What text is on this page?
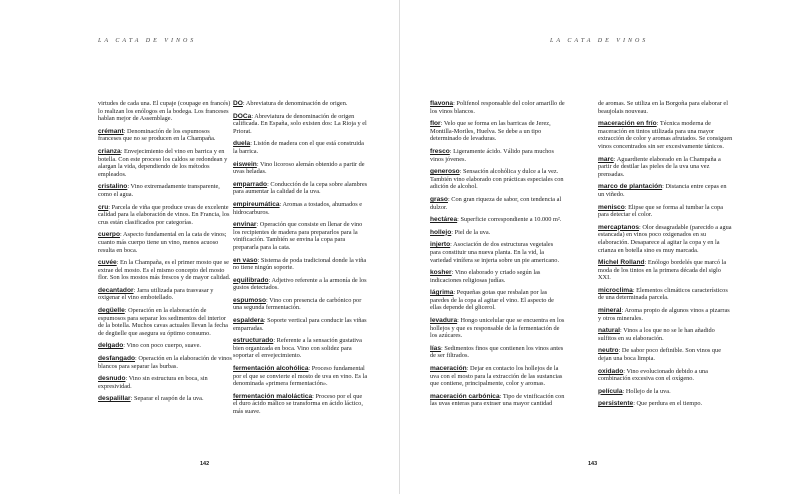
LA CATA DE VINOS

virtudes de cada una. El cupaje (coupage en francés) lo realizan los enólogos en la bodega. Los franceses hablan mejor de Assemblage.

crémant: Denominación de los espumosos franceses que no se producen en la Champaña.

crianza: Envejecimiento del vino en barrica y en botella. Con este proceso los caldos se redondean y alargan la vida, dependiendo de los métodos empleados.

cristalino: Vino extremadamente transparente, como el agua.

cru: Parcela de viña que produce uvas de excelente calidad para la elaboración de vinos. En Francia, los crus están clasificados por categorías.

cuerpo: Aspecto fundamental en la cata de vinos; cuanto más cuerpo tiene un vino, menos acuoso resulta en boca.

cuvée: En la Champaña, es el primer mosto que se extrae del mosto. Es el mismo concepto del mosto flor. Son los mostos más frescos y de mayor calidad.

decantador: Jarra utilizada para trasvasar y oxigenar el vino embotellado.

degüelle: Operación en la elaboración de espumosos para separar los sedimentos del interior de la botella. Muchos cavas actuales llevan la fecha de degüelle que asegura su óptimo consumo.

delgado: Vino con poco cuerpo, suave.

desfangado: Operación en la elaboración de vinos blancos para separar las burbas.

desnudo: Vino sin estructura en boca, sin expresividad.

despalillar: Separar el raspón de la uva.

DO: Abreviatura de denominación de origen.

DOCa: Abreviatura de denominación de origen calificada. En España, solo existen dos: La Rioja y el Priorat.

duela: Listón de madera con el que está construida la barrica.

eiswein: Vino licoroso alemán obtenido a partir de uvas heladas.

emparrado: Conducción de la cepa sobre alambres para aumentar la calidad de la uva.

empireumática: Aromas a tostados, ahumados e hidrocarburos.

envinar: Operación que consiste en llenar de vino los recipientes de madera para prepararlos para la vinificación. También se envina la copa para prepararla para la cata.

en vaso: Sistema de poda tradicional donde la viña no tiene ningún soporte.

equilibrado: Adjetivo referente a la armonía de los gustos detectados.

espumoso: Vino con presencia de carbónico por una segunda fermentación.

espaldera: Soporte vertical para conducir las viñas emparradas.

estructurado: Referente a la sensación gustativa bien organizada en boca. Vino con solidez para soportar el envejecimiento.

fermentación alcohólica: Proceso fundamental por el que se convierte el mosto de uva en vino. Es la denominada «primera fermentación».

fermentación maloláctica: Proceso por el que el duro ácido málico se transforma en ácido láctico, más suave.

142
LA CATA DE VINOS

flavona: Polifenol responsable del color amarillo de los vinos blancos.

flor: Velo que se forma en las barricas de Jerez, Montilla-Moriles, Huelva. Se debe a un tipo determinado de levaduras.

fresco: Ligeramente ácido. Válido para muchos vinos jóvenes.

generoso: Sensación alcohólica y dulce a la vez. También vino elaborado con prácticas especiales con adición de alcohol.

graso: Con gran riqueza de sabor, con tendencia al dulzor.

hectárea: Superficie correspondiente a 10.000 m².

hollejo: Piel de la uva.

injerto: Asociación de dos estructuras vegetales para constituir una nueva planta. En la vid, la variedad vinífera se injerta sobre un pie americano.

kosher: Vino elaborado y criado según las indicaciones religiosas judías.

lágrima: Pequeñas gotas que resbalan por las paredes de la copa al agitar el vino. El aspecto de ellas depende del glicerol.

levadura: Hongo unicelular que se encuentra en los hollejos y que es responsable de la fermentación de los azúcares.

lías: Sedimentos finos que contienen los vinos antes de ser filtrados.

maceración: Dejar en contacto los hollejos de la uva con el mosto para la extracción de las sustancias que contiene, principalmente, color y aromas.

maceración carbónica: Tipo de vinificación con las uvas enteras para extraer una mayor cantidad

de aromas. Se utiliza en la Borgoña para elaborar el beaujolais nouveau.

maceración en frío: Técnica moderna de maceración en tintos utilizada para una mayor extracción de color y aromas afrutados. Se consiguen vinos concentrados sin ser excesivamente tánicos.

marc: Aguardiente elaborado en la Champaña a partir de destilar las pieles de la uva una vez prensadas.

marco de plantación: Distancia entre cepas en un viñedo.

menisco: Elipse que se forma al tumbar la copa para detectar el color.

mercaptanos: Olor desagradable (parecido a agua estancada) en vinos poco oxigenados en su elaboración. Desaparece al agitar la copa y en la crianza en botella sino es muy marcada.

Michel Rolland: Enólogo bordelés que marcó la moda de los tintos en la primera década del siglo XXI.

microclima: Elementos climáticos característicos de una determinada parcela.

mineral: Aroma propio de algunos vinos a pizarras y otros minerales.

natural: Vinos a los que no se le han añadido sulfitos en su elaboración.

neutro: De sabor poco definible. Son vinos que dejan una boca limpia.

oxidado: Vino evolucionado debido a una combinación excesiva con el oxígeno.

película: Hollejo de la uva.

persistente: Que perdura en el tiempo.

143
